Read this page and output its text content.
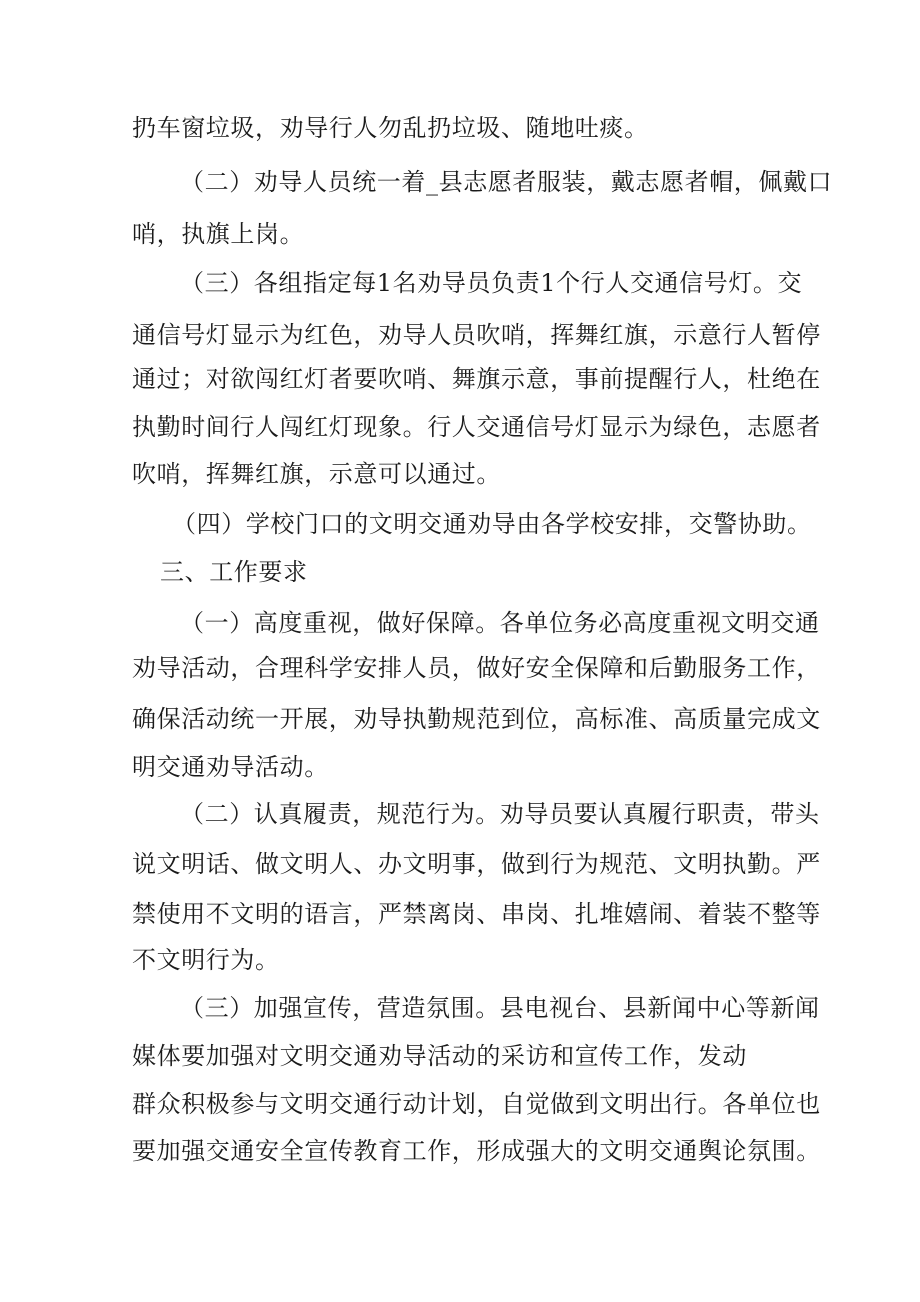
扔车窗垃圾，劝导行人勿乱扔垃圾、随地吐痰。
（二）劝导人员统一着_县志愿者服装，戴志愿者帽，佩戴口
哨，执旗上岗。
（三）各组指定每1名劝导员负责1个行人交通信号灯。交
通信号灯显示为红色，劝导人员吹哨，挥舞红旗，示意行人暂停
通过；对欲闯红灯者要吹哨、舞旗示意，事前提醒行人，杜绝在
执勤时间行人闯红灯现象。行人交通信号灯显示为绿色，志愿者
吹哨，挥舞红旗，示意可以通过。
（四）学校门口的文明交通劝导由各学校安排，交警协助。
三、工作要求
（一）高度重视，做好保障。各单位务必高度重视文明交通
劝导活动，合理科学安排人员，做好安全保障和后勤服务工作，
确保活动统一开展，劝导执勤规范到位，高标准、高质量完成文
明交通劝导活动。
（二）认真履责，规范行为。劝导员要认真履行职责，带头
说文明话、做文明人、办文明事，做到行为规范、文明执勤。严
禁使用不文明的语言，严禁离岗、串岗、扎堆嬉闹、着装不整等
不文明行为。
（三）加强宣传，营造氛围。县电视台、县新闻中心等新闻
媒体要加强对文明交通劝导活动的采访和宣传工作，发动
群众积极参与文明交通行动计划，自觉做到文明出行。各单位也
要加强交通安全宣传教育工作，形成强大的文明交通舆论氛围。
